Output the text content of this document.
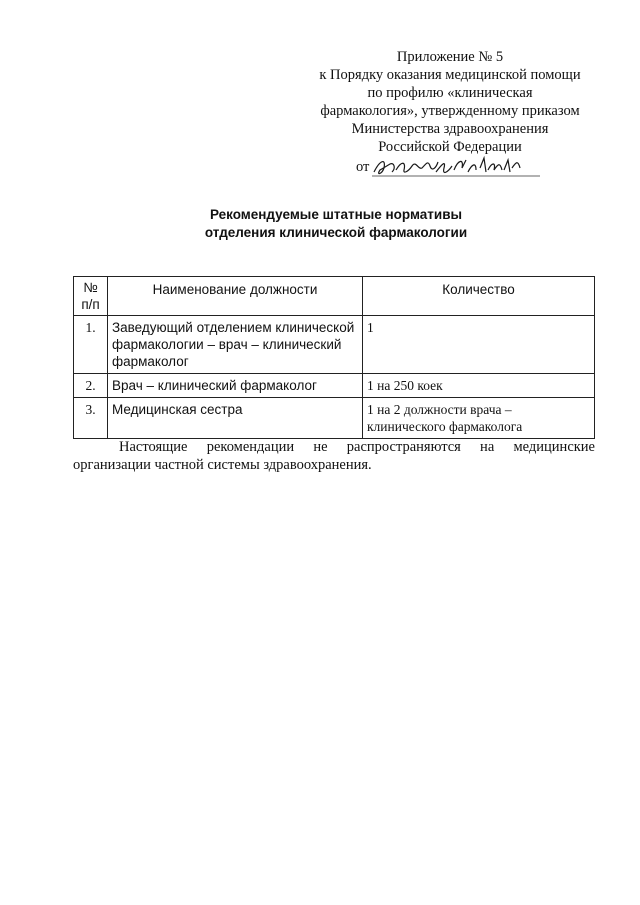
Приложение № 5
к Порядку оказания медицинской помощи
по профилю «клиническая
фармакология», утвержденному приказом
Министерства здравоохранения
Российской Федерации
от
Рекомендуемые штатные нормативы
отделения клинической фармакологии
№ п/п	Наименование должности	Количество
1.	Заведующий отделением клинической фармакологии – врач – клинический фармаколог	1
2.	Врач – клинический фармаколог	1 на 250 коек
3.	Медицинская сестра	1 на 2 должности врача – клинического фармаколога
Настоящие рекомендации не распространяются на медицинские организации частной системы здравоохранения.
